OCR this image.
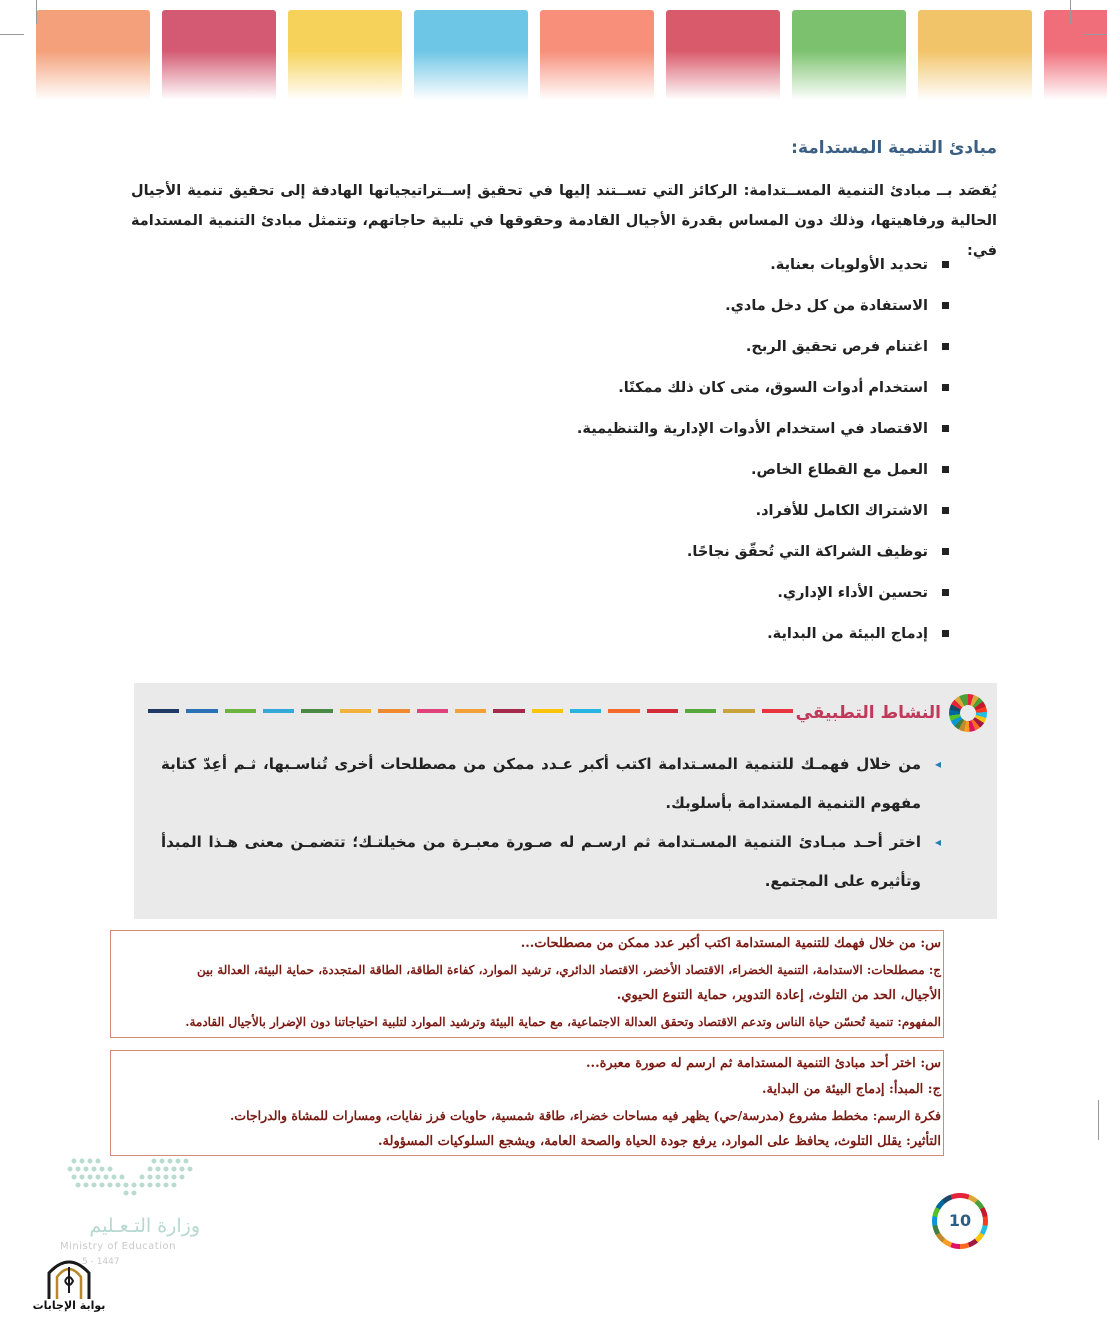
مبادئ التنمية المستدامة:
يُقصَد بــ مبادئ التنمية المســتدامة: الركائز التي تســتند إليها في تحقيق إســتراتيجياتها الهادفة إلى تحقيق تنمية الأجيال الحالية ورفاهيتها، وذلك دون المساس بقدرة الأجيال القادمة وحقوقها في تلبية حاجاتهم، وتتمثل مبادئ التنمية المستدامة في:
تحديد الأولويات بعناية.
الاستفادة من كل دخل مادي.
اغتنام فرص تحقيق الربح.
استخدام أدوات السوق، متى كان ذلك ممكنًا.
الاقتصاد في استخدام الأدوات الإدارية والتنظيمية.
العمل مع القطاع الخاص.
الاشتراك الكامل للأفراد.
توظيف الشراكة التي تُحقّق نجاحًا.
تحسين الأداء الإداري.
إدماج البيئة من البداية.
النشاط التطبيقي
◂ من خلال فهمـك للتنمية المسـتدامة اكتب أكبر عـدد ممكن من مصطلحات أخرى تُناسـبها، ثـم أعِدّ كتابة مفهوم التنمية المستدامة بأسلوبك.
◂ اختر أحـد مبـادئ التنمية المسـتدامة ثم ارسـم له صـورة معبـرة من مخيلتـك؛ تتضمـن معنى هـذا المبدأ وتأثيره على المجتمع.
س: من خلال فهمك للتنمية المستدامة اكتب أكبر عدد ممكن من مصطلحات...
ج: مصطلحات: الاستدامة، التنمية الخضراء، الاقتصاد الأخضر، الاقتصاد الدائري، ترشيد الموارد، كفاءة الطاقة، الطاقة المتجددة، حماية البيئة، العدالة بين
الأجيال، الحد من التلوث، إعادة التدوير، حماية التنوع الحيوي.
المفهوم: تنمية تُحسّن حياة الناس وتدعم الاقتصاد وتحقق العدالة الاجتماعية، مع حماية البيئة وترشيد الموارد لتلبية احتياجاتنا دون الإضرار بالأجيال القادمة.
س: اختر أحد مبادئ التنمية المستدامة ثم ارسم له صورة معبرة...
ج: المبدأ: إدماج البيئة من البداية.
فكرة الرسم: مخطط مشروع (مدرسة/حي) يظهر فيه مساحات خضراء، طاقة شمسية، حاويات فرز نفايات، ومسارات للمشاة والدراجات.
التأثير: يقلل التلوث، يحافظ على الموارد، يرفع جودة الحياة والصحة العامة، ويشجع السلوكيات المسؤولة.
وزارة التـعـليم
Ministry of Education
5 - 1447
بوابة الإجابات
10
